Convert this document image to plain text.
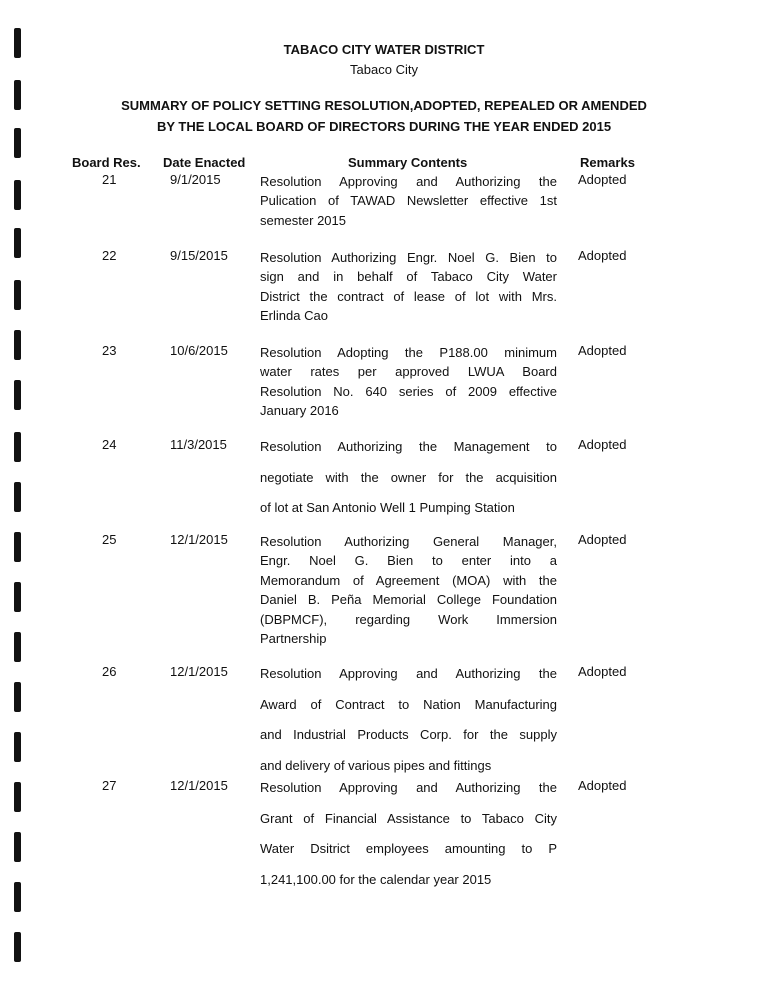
TABACO CITY WATER DISTRICT
Tabaco City
SUMMARY OF POLICY SETTING RESOLUTION,ADOPTED, REPEALED OR AMENDED
BY THE LOCAL BOARD OF DIRECTORS DURING THE YEAR ENDED 2015
Board Res. Date Enacted	Summary Contents	Remarks
21	9/1/2015	Resolution Approving and Authorizing the
Pulication of TAWAD Newsletter effective 1st
semester 2015
Adopted
22	9/15/2015 Resolution Authorizing Engr. Noel G. Bien to
sign and in behalf of Tabaco City Water
District the contract of lease of lot with Mrs.
Erlinda Cao
Adopted
23	10/6/2015 Resolution Adopting the P188.00 minimum
water rates per approved LWUA Board
Resolution No. 640 series of 2009 effective
January 2016
Adopted
24	11/3/2015	Resolution Authorizing the Management to
negotiate with the owner for the acquisition
of lot at San Antonio Well 1 Pumping Station
Adopted
25	12/1/2015 Resolution Authorizing General Manager,
Engr. Noel G. Bien to enter into a
Memorandum of Agreement (MOA) with the
Daniel B. Peña Memorial College Foundation
(DBPMCF), regarding Work Immersion
Partnership
Adopted
26	12/1/2015 Resolution Approving and Authorizing the
Award of Contract to Nation Manufacturing
and Industrial Products Corp. for the supply
and delivery of various pipes and fittings
Adopted
27	12/1/2015 Resolution Approving and Authorizing the
Grant of Financial Assistance to Tabaco City
Water Dsitrict employees amounting to P
1,241,100.00 for the calendar year 2015
Adopted
